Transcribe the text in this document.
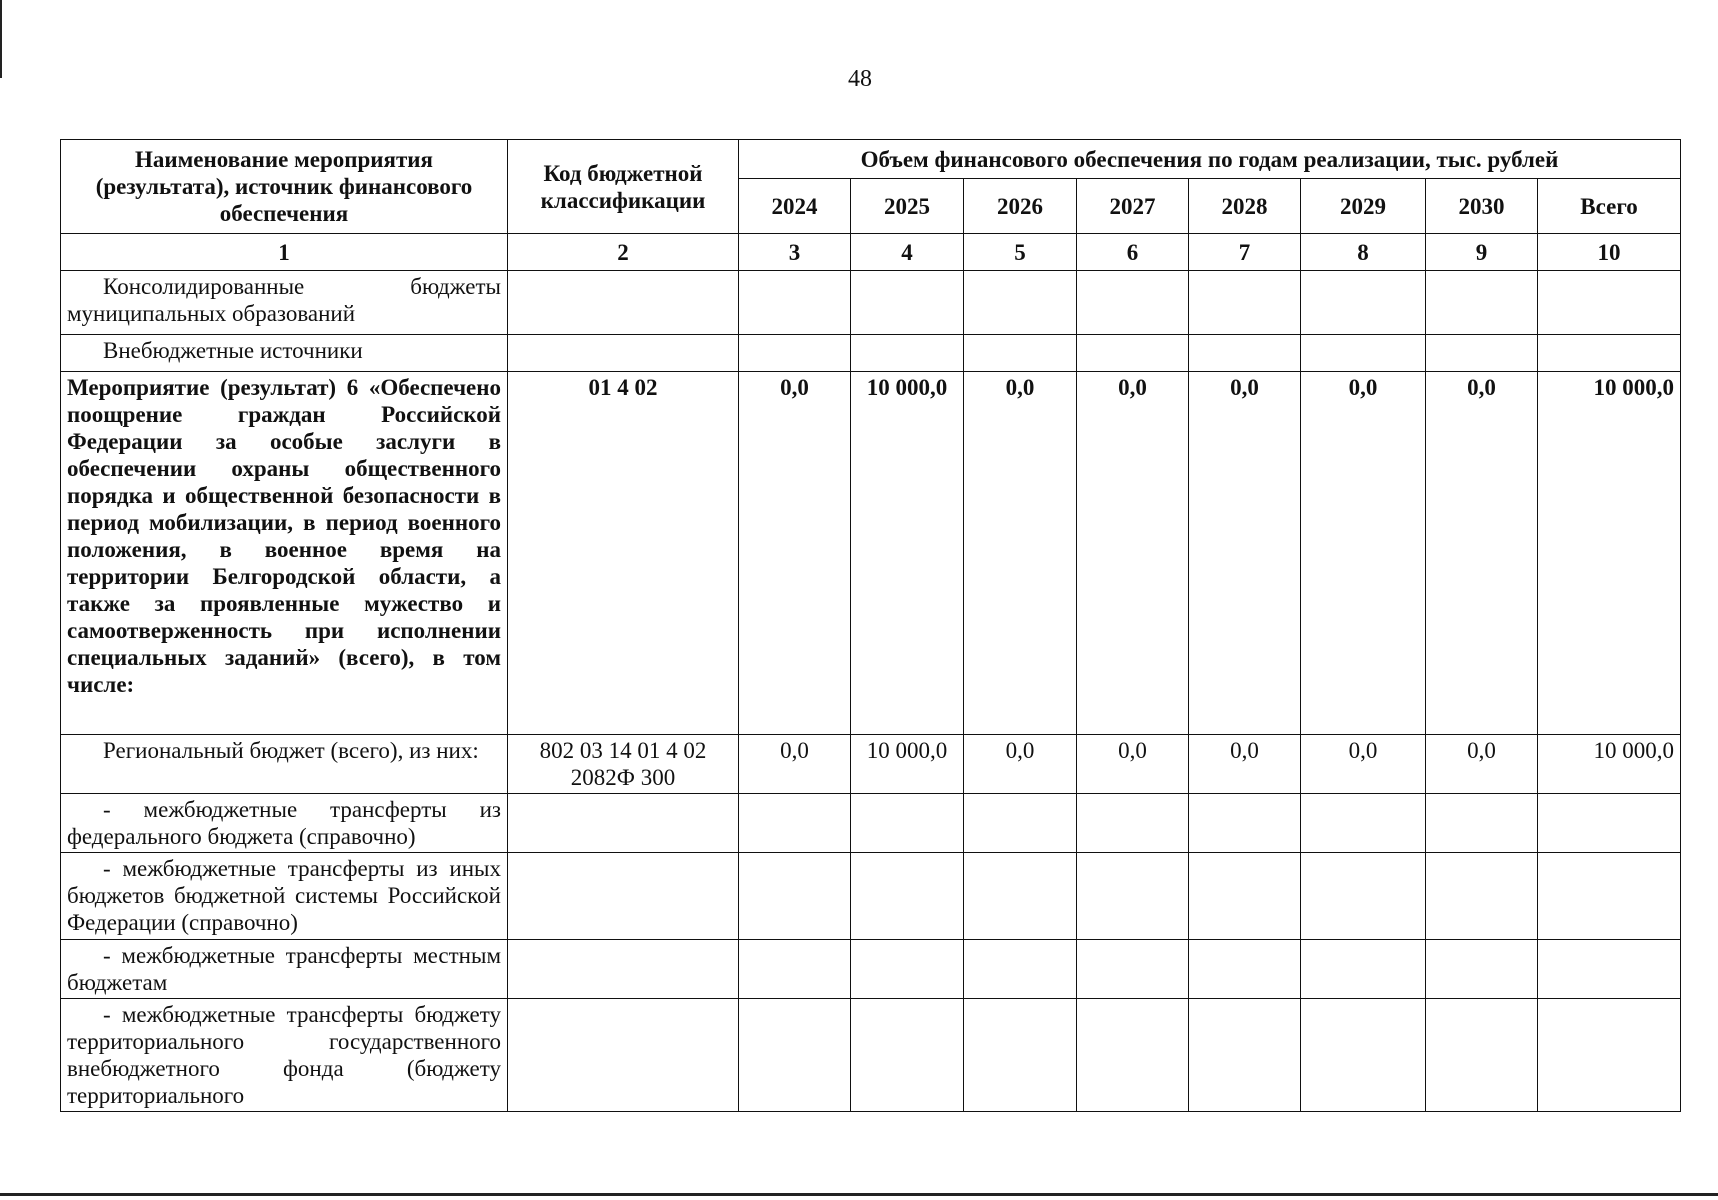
48
Наименование мероприятия (результата), источник финансового обеспечения	Код бюджетной классификации	Объем финансового обеспечения по годам реализации, тыс. рублей							
		2024	2025	2026	2027	2028	2029	2030	Всего
1	2	3	4	5	6	7	8	9	10
Консолидированные бюджеты муниципальных образований									
Внебюджетные источники									
Мероприятие (результат) 6 «Обеспечено поощрение граждан Российской Федерации за особые заслуги в обеспечении охраны общественного порядка и общественной безопасности в период мобилизации, в период военного положения, в военное время на территории Белгородской области, а также за проявленные мужество и самоотверженность при исполнении специальных заданий» (всего), в том числе:	01 4 02	0,0	10 000,0	0,0	0,0	0,0	0,0	0,0	10 000,0
Региональный бюджет (всего), из них:	802 03 14 01 4 02 2082Ф 300	0,0	10 000,0	0,0	0,0	0,0	0,0	0,0	10 000,0
- межбюджетные трансферты из федерального бюджета (справочно)									
- межбюджетные трансферты из иных бюджетов бюджетной системы Российской Федерации (справочно)									
- межбюджетные трансферты местным бюджетам									
- межбюджетные трансферты бюджету территориального государственного внебюджетного фонда (бюджету территориального									
